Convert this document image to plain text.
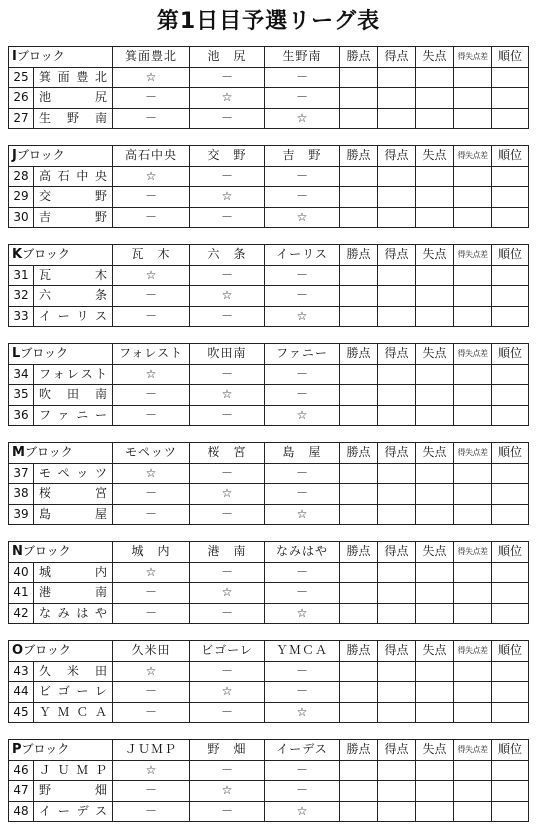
第1日目予選リーグ表
Iブロック		箕面豊北	池　尻	生野南	勝点	得点	失点	得失点差	順位
25	箕面豊北	☆	－	－					
26	池　　尻	－	☆	－					
27	生　野　南	－	－	☆					
Jブロック		高石中央	交　野	吉　野	勝点	得点	失点	得失点差	順位
28	高石中央	☆	－	－					
29	交　　野	－	☆	－					
30	吉　　野	－	－	☆					
Kブロック		瓦　木	六　条	イーリス	勝点	得点	失点	得失点差	順位
31	瓦　　木	☆	－	－					
32	六　　条	－	☆	－					
33	イーリス	－	－	☆					
Lブロック		フォレスト	吹田南	ファニー	勝点	得点	失点	得失点差	順位
34	フォレスト	☆	－	－					
35	吹　田　南	－	☆	－					
36	ファニー	－	－	☆					
Mブロック		モペッツ	桜　宮	島　屋	勝点	得点	失点	得失点差	順位
37	モペッツ	☆	－	－					
38	桜　　宮	－	☆	－					
39	島　　屋	－	－	☆					
Nブロック		城　内	港　南	なみはや	勝点	得点	失点	得失点差	順位
40	城　　内	☆	－	－					
41	港　　南	－	☆	－					
42	なみはや	－	－	☆					
Oブロック		久米田	ビゴーレ	ＹＭＣＡ	勝点	得点	失点	得失点差	順位
43	久　米　田	☆	－	－					
44	ビゴーレ	－	☆	－					
45	ＹＭＣＡ	－	－	☆					
Pブロック		ＪＵＭＰ	野　畑	イーデス	勝点	得点	失点	得失点差	順位
46	ＪＵＭＰ	☆	－	－					
47	野　　畑	－	☆	－					
48	イーデス	－	－	☆					
